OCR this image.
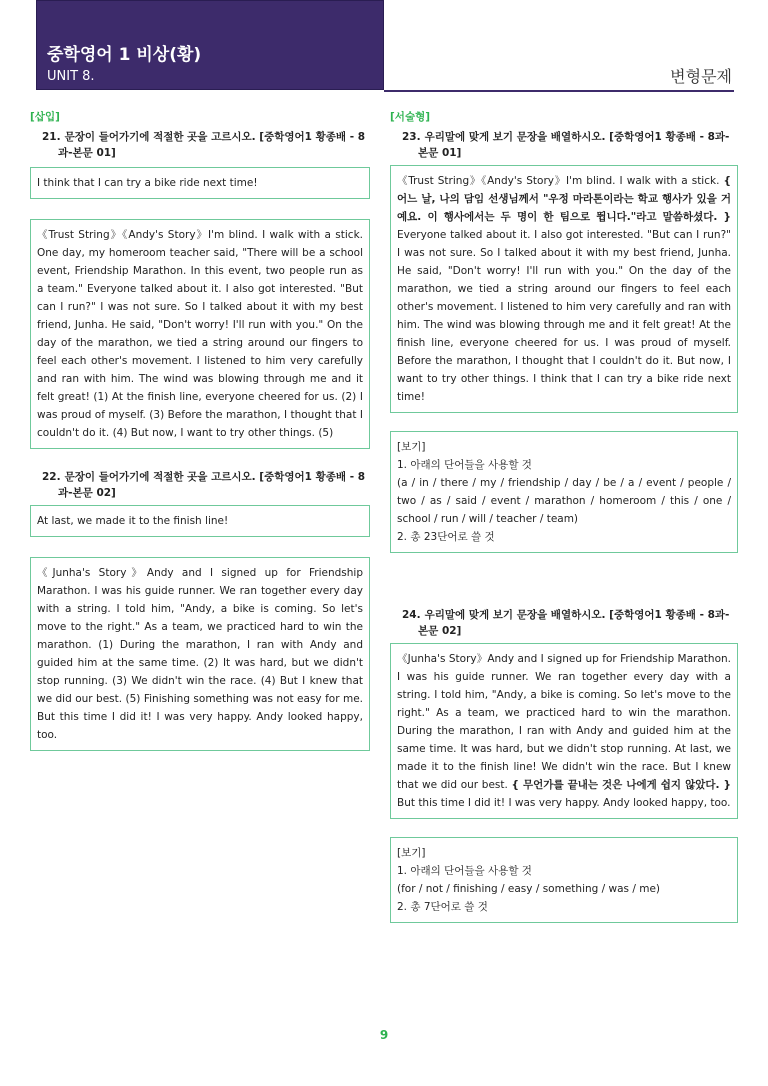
중학영어 1 비상(황)
UNIT 8.	변형문제
[삽입]
21. 문장이 들어가기에 적절한 곳을 고르시오. [중학영어1 황종배 - 8과-본문 01]
I think that I can try a bike ride next time!
《Trust String》《Andy's Story》I'm blind. I walk with a stick. One day, my homeroom teacher said, "There will be a school event, Friendship Marathon. In this event, two people run as a team." Everyone talked about it. I also got interested. "But can I run?" I was not sure. So I talked about it with my best friend, Junha. He said, "Don't worry! I'll run with you." On the day of the marathon, we tied a string around our fingers to feel each other's movement. I listened to him very carefully and ran with him. The wind was blowing through me and it felt great! (1) At the finish line, everyone cheered for us. (2) I was proud of myself. (3) Before the marathon, I thought that I couldn't do it. (4) But now, I want to try other things. (5)
22. 문장이 들어가기에 적절한 곳을 고르시오. [중학영어1 황종배 - 8과-본문 02]
At last, we made it to the finish line!
《Junha's Story》Andy and I signed up for Friendship Marathon. I was his guide runner. We ran together every day with a string. I told him, "Andy, a bike is coming. So let's move to the right." As a team, we practiced hard to win the marathon. (1) During the marathon, I ran with Andy and guided him at the same time. (2) It was hard, but we didn't stop running. (3) We didn't win the race. (4) But I knew that we did our best. (5) Finishing something was not easy for me. But this time I did it! I was very happy. Andy looked happy, too.
[서술형]
23. 우리말에 맞게 보기 문장을 배열하시오. [중학영어1 황종배 - 8과-본문 01]
《Trust String》《Andy's Story》I'm blind. I walk with a stick. { 어느 날, 나의 담임 선생님께서 "우정 마라톤이라는 학교 행사가 있을 거예요. 이 행사에서는 두 명이 한 팀으로 뜁니다."라고 말씀하셨다. } Everyone talked about it. I also got interested. "But can I run?" I was not sure. So I talked about it with my best friend, Junha. He said, "Don't worry! I'll run with you." On the day of the marathon, we tied a string around our fingers to feel each other's movement. I listened to him very carefully and ran with him. The wind was blowing through me and it felt great! At the finish line, everyone cheered for us. I was proud of myself. Before the marathon, I thought that I couldn't do it. But now, I want to try other things. I think that I can try a bike ride next time!
[보기]
1. 아래의 단어들을 사용할 것
(a / in / there / my / friendship / day / be / a / event / people / two / as / said / event / marathon / homeroom / this / one / school / run / will / teacher / team)
2. 총 23단어로 쓸 것
24. 우리말에 맞게 보기 문장을 배열하시오. [중학영어1 황종배 - 8과-본문 02]
《Junha's Story》Andy and I signed up for Friendship Marathon. I was his guide runner. We ran together every day with a string. I told him, "Andy, a bike is coming. So let's move to the right." As a team, we practiced hard to win the marathon. During the marathon, I ran with Andy and guided him at the same time. It was hard, but we didn't stop running. At last, we made it to the finish line! We didn't win the race. But I knew that we did our best. { 무언가를 끝내는 것은 나에게 쉽지 않았다. } But this time I did it! I was very happy. Andy looked happy, too.
[보기]
1. 아래의 단어들을 사용할 것
(for / not / finishing / easy / something / was / me)
2. 총 7단어로 쓸 것
9
